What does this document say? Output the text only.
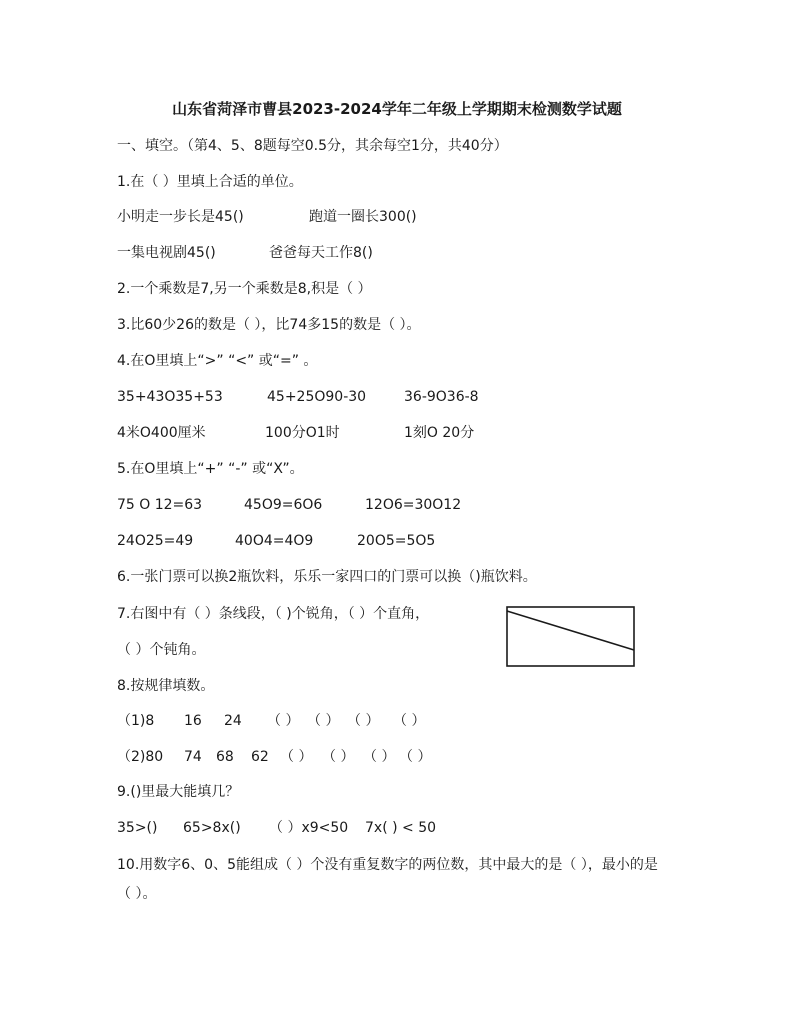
山东省菏泽市曹县2023-2024学年二年级上学期期末检测数学试题
一、填空。（第4、5、8题每空0.5分，其余每空1分，共40分）
1.在（ ）里填上合适的单位。
小明走一步长是45()	跑道一圈长300()
一集电视剧45()	爸爸每天工作8()
2.一个乘数是7,另一个乘数是8,积是（ ）
3.比60少26的数是（ ），比74多15的数是（ ）。
4.在O里填上“>” “<” 或“=” 。
35+43O35+53	45+25O90-30	36-9O36-8
4米O400厘米	100分O1时	1刻O 20分
5.在O里填上“+” “-” 或“X”。
75 O 12=63	45O9=6O6	12O6=30O12
24O25=49	40O4=4O9	20O5=5O5
6.一张门票可以换2瓶饮料，乐乐一家四口的门票可以换（)瓶饮料。
7.右图中有（ ）条线段，（ )个锐角，（ ）个直角，
（ ）个钝角。
8.按规律填数。
（1)8 16 24 （ ） （ ） （ ） （ ）
（2)80 74 68 62 （ ） （ ） （ ） （ ）
9.()里最大能填几？
35>() 65>8x() （ ）x9<50 7x( ) < 50
10.用数字6、0、5能组成（ ）个没有重复数字的两位数，其中最大的是（ ），最小的是
（ ）。
